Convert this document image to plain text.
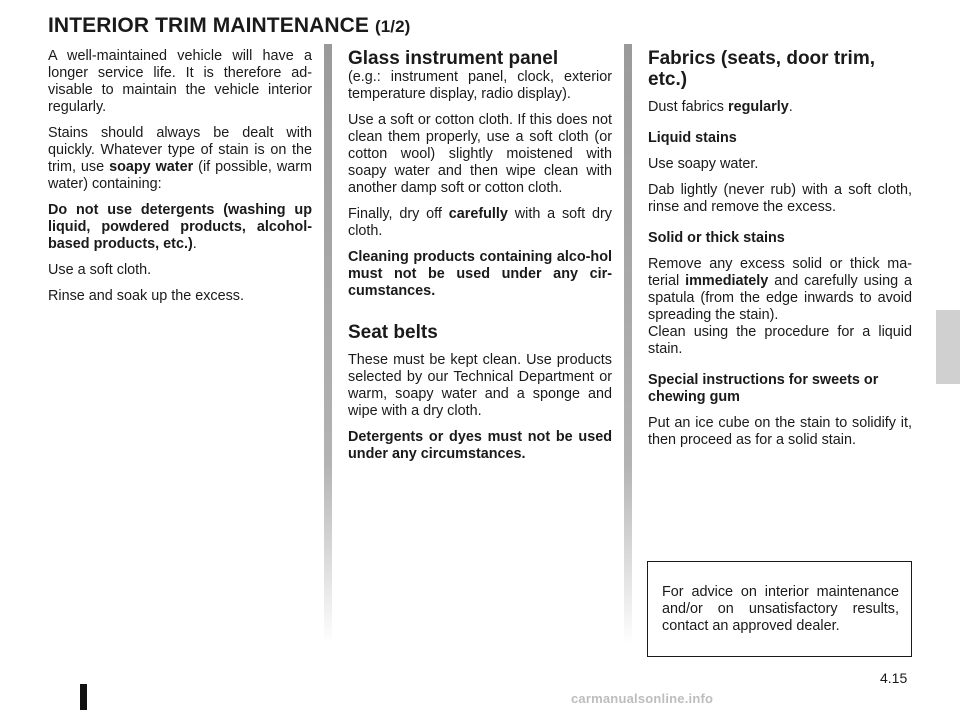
INTERIOR TRIM MAINTENANCE (1/2)

A well-maintained vehicle will have a longer service life. It is therefore ad-visable to maintain the vehicle interior regularly.

Stains should always be dealt with quickly. Whatever type of stain is on the trim, use soapy water (if possible, warm water) containing:

Do not use detergents (washing up liquid, powdered products, alcohol-based products, etc.).

Use a soft cloth.

Rinse and soak up the excess.

Glass instrument panel

(e.g.: instrument panel, clock, exterior temperature display, radio display).

Use a soft or cotton cloth. If this does not clean them properly, use a soft cloth (or cotton wool) slightly moistened with soapy water and then wipe clean with another damp soft or cotton cloth.

Finally, dry off carefully with a soft dry cloth.

Cleaning products containing alco-hol must not be used under any cir-cumstances.

Seat belts

These must be kept clean. Use products selected by our Technical Department or warm, soapy water and a sponge and wipe with a dry cloth.

Detergents or dyes must not be used under any circumstances.

Fabrics (seats, door trim, etc.)

Dust fabrics regularly.

Liquid stains

Use soapy water.

Dab lightly (never rub) with a soft cloth, rinse and remove the excess.

Solid or thick stains

Remove any excess solid or thick ma-terial immediately and carefully using a spatula (from the edge inwards to avoid spreading the stain).

Clean using the procedure for a liquid stain.

Special instructions for sweets or chewing gum

Put an ice cube on the stain to solidify it, then proceed as for a solid stain.

For advice on interior maintenance and/or on unsatisfactory results, contact an approved dealer.
4.15
carmanualsonline.info
